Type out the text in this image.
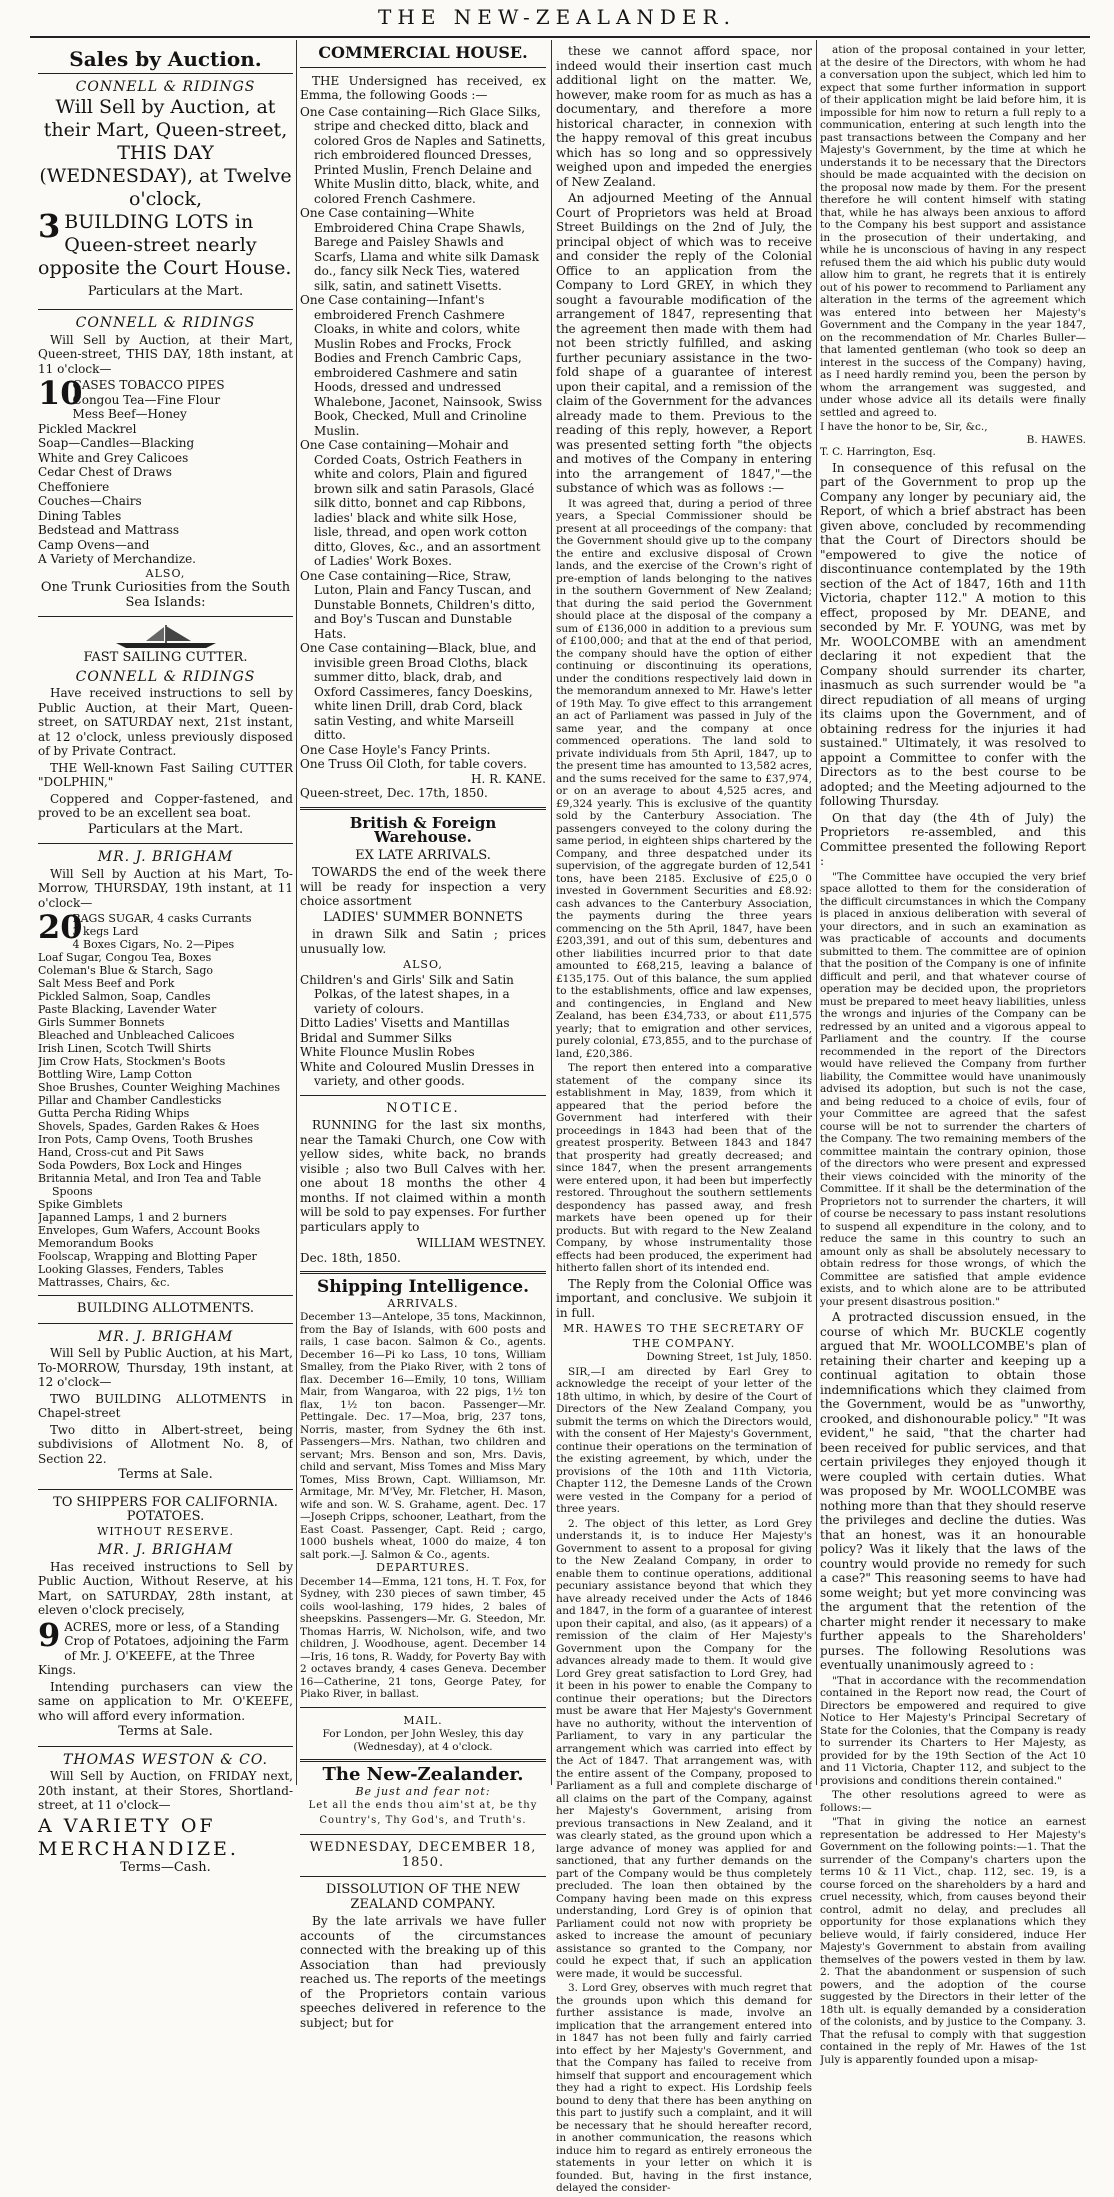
THE NEW-ZEALANDER.
Sales by Auction.
CONNELL & RIDINGS
Will Sell by Auction, at their Mart, Queen-street, THIS DAY (WEDNESDAY), at Twelve o'clock,
3 BUILDING LOTS in Queen-street nearly opposite the Court House.
Particulars at the Mart.
CONNELL & RIDINGS
Will Sell by Auction, at their Mart, Queen-street, THIS DAY, 18th instant, at 11 o'clock—
10
CASES TOBACCO PIPES
Congou Tea—Fine Flour
Mess Beef—Honey
Pickled Mackrel
Soap—Candles—Blacking
White and Grey Calicoes
Cedar Chest of Draws
Cheffoniere
Couches—Chairs
Dining Tables
Bedstead and Mattrass
Camp Ovens—and
A Variety of Merchandize.
ALSO,
One Trunk Curiosities from the South Sea Islands:
FAST SAILING CUTTER.
CONNELL & RIDINGS
Have received instructions to sell by Public Auction, at their Mart, Queen-street, on SATURDAY next, 21st instant, at 12 o'clock, unless previously disposed of by Private Contract.
THE Well-known Fast Sailing CUTTER "DOLPHIN,"
Coppered and Copper-fastened, and proved to be an excellent sea boat.
Particulars at the Mart.
MR. J. BRIGHAM
Will Sell by Auction at his Mart, To-Morrow, THURSDAY, 19th instant, at 11 o'clock—
20
BAGS SUGAR, 4 casks Currants
3 kegs Lard
4 Boxes Cigars, No. 2—Pipes
Loaf Sugar, Congou Tea, Boxes
Coleman's Blue & Starch, Sago
Salt Mess Beef and Pork
Pickled Salmon, Soap, Candles
Paste Blacking, Lavender Water
Girls Summer Bonnets
Bleached and Unbleached Calicoes
Irish Linen, Scotch Twill Shirts
Jim Crow Hats, Stockmen's Boots
Bottling Wire, Lamp Cotton
Shoe Brushes, Counter Weighing Machines
Pillar and Chamber Candlesticks
Gutta Percha Riding Whips
Shovels, Spades, Garden Rakes & Hoes
Iron Pots, Camp Ovens, Tooth Brushes
Hand, Cross-cut and Pit Saws
Soda Powders, Box Lock and Hinges
Britannia Metal, and Iron Tea and Table Spoons
Spike Gimblets
Japanned Lamps, 1 and 2 burners
Envelopes, Gum Wafers, Account Books
Memorandum Books
Foolscap, Wrapping and Blotting Paper
Looking Glasses, Fenders, Tables
Mattrasses, Chairs, &c.
BUILDING ALLOTMENTS.
MR. J. BRIGHAM
Will Sell by Public Auction, at his Mart, To-MORROW, Thursday, 19th instant, at 12 o'clock—
TWO BUILDING ALLOTMENTS in Chapel-street
Two ditto in Albert-street, being subdivisions of Allotment No. 8, of Section 22.
Terms at Sale.
TO SHIPPERS FOR CALIFORNIA. POTATOES.
WITHOUT RESERVE.
MR. J. BRIGHAM
Has received instructions to Sell by Public Auction, Without Reserve, at his Mart, on SATURDAY, 28th instant, at eleven o'clock precisely,
9 ACRES, more or less, of a Standing Crop of Potatoes, adjoining the Farm of Mr. J. O'KEEFE, at the Three Kings.
Intending purchasers can view the same on application to Mr. O'KEEFE, who will afford every information.
Terms at Sale.
THOMAS WESTON & CO.
Will Sell by Auction, on FRIDAY next, 20th instant, at their Stores, Shortland-street, at 11 o'clock—
A VARIETY OF MERCHANDIZE.
Terms—Cash.
COMMERCIAL HOUSE.
THE Undersigned has received, ex Emma, the following Goods :—
One Case containing—Rich Glace Silks, stripe and checked ditto, black and colored Gros de Naples and Satinetts, rich embroidered flounced Dresses, Printed Muslin, French Delaine and White Muslin ditto, black, white, and colored French Cashmere.
One Case containing—White Embroidered China Crape Shawls, Barege and Paisley Shawls and Scarfs, Llama and white silk Damask do., fancy silk Neck Ties, watered silk, satin, and satinett Visetts.
One Case containing—Infant's embroidered French Cashmere Cloaks, in white and colors, white Muslin Robes and Frocks, Frock Bodies and French Cambric Caps, embroidered Cashmere and satin Hoods, dressed and undressed Whalebone, Jaconet, Nainsook, Swiss Book, Checked, Mull and Crinoline Muslin.
One Case containing—Mohair and Corded Coats, Ostrich Feathers in white and colors, Plain and figured brown silk and satin Parasols, Glacé silk ditto, bonnet and cap Ribbons, ladies' black and white silk Hose, lisle, thread, and open work cotton ditto, Gloves, &c., and an assortment of Ladies' Work Boxes.
One Case containing—Rice, Straw, Luton, Plain and Fancy Tuscan, and Dunstable Bonnets, Children's ditto, and Boy's Tuscan and Dunstable Hats.
One Case containing—Black, blue, and invisible green Broad Cloths, black summer ditto, black, drab, and Oxford Cassimeres, fancy Doeskins, white linen Drill, drab Cord, black satin Vesting, and white Marseill ditto.
One Case Hoyle's Fancy Prints.
One Truss Oil Cloth, for table covers.
H. R. KANE.
Queen-street, Dec. 17th, 1850.
British & Foreign Warehouse.
EX LATE ARRIVALS.
TOWARDS the end of the week there will be ready for inspection a very choice assortment
LADIES' SUMMER BONNETS
in drawn Silk and Satin ; prices unusually low.
ALSO,
Children's and Girls' Silk and Satin Polkas, of the latest shapes, in a variety of colours.
Ditto Ladies' Visetts and Mantillas
Bridal and Summer Silks
White Flounce Muslin Robes
White and Coloured Muslin Dresses in variety, and other goods.
NOTICE.
RUNNING for the last six months, near the Tamaki Church, one Cow with yellow sides, white back, no brands visible ; also two Bull Calves with her. one about 18 months the other 4 months. If not claimed within a month will be sold to pay expenses. For further particulars apply to
WILLIAM WESTNEY.
Dec. 18th, 1850.
Shipping Intelligence.
ARRIVALS.
December 13—Antelope, 35 tons, Mackinnon, from the Bay of Islands, with 600 posts and rails, 1 case bacon. Salmon & Co., agents. December 16—Pi ko Lass, 10 tons, William Smalley, from the Piako River, with 2 tons of flax. December 16—Emily, 10 tons, William Mair, from Wangaroa, with 22 pigs, 1½ ton flax, 1½ ton bacon. Passenger—Mr. Pettingale. Dec. 17—Moa, brig, 237 tons, Norris, master, from Sydney the 6th inst. Passengers—Mrs. Nathan, two children and servant; Mrs. Benson and son, Mrs. Davis, child and servant, Miss Tomes and Miss Mary Tomes, Miss Brown, Capt. Williamson, Mr. Armitage, Mr. M'Vey, Mr. Fletcher, H. Mason, wife and son. W. S. Grahame, agent. Dec. 17—Joseph Cripps, schooner, Leathart, from the East Coast. Passenger, Capt. Reid ; cargo, 1000 bushels wheat, 1000 do maize, 4 ton salt pork.—J. Salmon & Co., agents.
DEPARTURES.
December 14—Emma, 121 tons, H. T. Fox, for Sydney, with 230 pieces of sawn timber, 45 coils wool-lashing, 179 hides, 2 bales of sheepskins. Passengers—Mr. G. Steedon, Mr. Thomas Harris, W. Nicholson, wife, and two children, J. Woodhouse, agent. December 14—Iris, 16 tons, R. Waddy, for Poverty Bay with 2 octaves brandy, 4 cases Geneva. December 16—Catherine, 21 tons, George Patey, for Piako River, in ballast.
MAIL.
For London, per John Wesley, this day (Wednesday), at 4 o'clock.
The New-Zealander.
Be just and fear not:
Let all the ends thou aim'st at, be thy Country's, Thy God's, and Truth's.
WEDNESDAY, DECEMBER 18, 1850.
DISSOLUTION OF THE NEW ZEALAND COMPANY.
By the late arrivals we have fuller accounts of the circumstances connected with the breaking up of this Association than had previously reached us. The reports of the meetings of the Proprietors contain various speeches delivered in reference to the subject; but for
these we cannot afford space, nor indeed would their insertion cast much additional light on the matter. We, however, make room for as much as has a documentary, and therefore a more historical character, in connexion with the happy removal of this great incubus which has so long and so oppressively weighed upon and impeded the energies of New Zealand.
An adjourned Meeting of the Annual Court of Proprietors was held at Broad Street Buildings on the 2nd of July, the principal object of which was to receive and consider the reply of the Colonial Office to an application from the Company to Lord GREY, in which they sought a favourable modification of the arrangement of 1847, representing that the agreement then made with them had not been strictly fulfilled, and asking further pecuniary assistance in the two-fold shape of a guarantee of interest upon their capital, and a remission of the claim of the Government for the advances already made to them. Previous to the reading of this reply, however, a Report was presented setting forth "the objects and motives of the Company in entering into the arrangement of 1847,"—the substance of which was as follows :—
It was agreed that, during a period of three years, a Special Commissioner should be present at all proceedings of the company: that the Government should give up to the company the entire and exclusive disposal of Crown lands, and the exercise of the Crown's right of pre-emption of lands belonging to the natives in the southern Government of New Zealand; that during the said period the Government should place at the disposal of the company a sum of £136,000 in addition to a previous sum of £100,000; and that at the end of that period, the company should have the option of either continuing or discontinuing its operations, under the conditions respectively laid down in the memorandum annexed to Mr. Hawe's letter of 19th May. To give effect to this arrangement an act of Parliament was passed in July of the same year, and the company at once commenced operations. The land sold to private individuals from 5th April, 1847, up to the present time has amounted to 13,582 acres, and the sums received for the same to £37,974, or on an average to about 4,525 acres, and £9,324 yearly. This is exclusive of the quantity sold by the Canterbury Association. The passengers conveyed to the colony during the same period, in eighteen ships chartered by the Company, and three despatched under its supervision, of the aggregate burden of 12,541 tons, have been 2185. Exclusive of £25,0 0 invested in Government Securities and £8.92: cash advances to the Canterbury Association, the payments during the three years commencing on the 5th April, 1847, have been £203,391, and out of this sum, debentures and other liabilities incurred prior to that date amounted to £68,215, leaving a balance of £135,175. Out of this balance, the sum applied to the establishments, office and law expenses, and contingencies, in England and New Zealand, has been £34,733, or about £11,575 yearly; that to emigration and other services, purely colonial, £73,855, and to the purchase of land, £20,386.
The report then entered into a comparative statement of the company since its establishment in May, 1839, from which it appeared that the period before the Government had interfered with their proceedings in 1843 had been that of the greatest prosperity. Between 1843 and 1847 that prosperity had greatly decreased; and since 1847, when the present arrangements were entered upon, it had been but imperfectly restored. Throughout the southern settlements despondency has passed away, and fresh markets have been opened up for their products. But with regard to the New Zealand Company, by whose instrumentality those effects had been produced, the experiment had hitherto fallen short of its intended end.
The Reply from the Colonial Office was important, and conclusive. We subjoin it in full.
MR. HAWES TO THE SECRETARY OF THE COMPANY.
Downing Street, 1st July, 1850.
SIR,—I am directed by Earl Grey to acknowledge the receipt of your letter of the 18th ultimo, in which, by desire of the Court of Directors of the New Zealand Company, you submit the terms on which the Directors would, with the consent of Her Majesty's Government, continue their operations on the termination of the existing agreement, by which, under the provisions of the 10th and 11th Victoria, Chapter 112, the Demesne Lands of the Crown were vested in the Company for a period of three years.
2. The object of this letter, as Lord Grey understands it, is to induce Her Majesty's Government to assent to a proposal for giving to the New Zealand Company, in order to enable them to continue operations, additional pecuniary assistance beyond that which they have already received under the Acts of 1846 and 1847, in the form of a guarantee of interest upon their capital, and also, (as it appears) of a remission of the claim of Her Majesty's Government upon the Company for the advances already made to them. It would give Lord Grey great satisfaction to Lord Grey, had it been in his power to enable the Company to continue their operations; but the Directors must be aware that Her Majesty's Government have no authority, without the intervention of Parliament, to vary in any particular the arrangement which was carried into effect by the Act of 1847. That arrangement was, with the entire assent of the Company, proposed to Parliament as a full and complete discharge of all claims on the part of the Company, against her Majesty's Government, arising from previous transactions in New Zealand, and it was clearly stated, as the ground upon which a large advance of money was applied for and sanctioned, that any further demands on the part of the Company would be thus completely precluded. The loan then obtained by the Company having been made on this express understanding, Lord Grey is of opinion that Parliament could not now with propriety be asked to increase the amount of pecuniary assistance so granted to the Company, nor could he expect that, if such an application were made, it would be successful.
3. Lord Grey, observes with much regret that the grounds upon which this demand for further assistance is made, involve an implication that the arrangement entered into in 1847 has not been fully and fairly carried into effect by her Majesty's Government, and that the Company has failed to receive from himself that support and encouragement which they had a right to expect. His Lordship feels bound to deny that there has been anything on this part to justify such a complaint, and it will be necessary that he should hereafter record, in another communication, the reasons which induce him to regard as entirely erroneous the statements in your letter on which it is founded. But, having in the first instance, delayed the consider-
ation of the proposal contained in your letter, at the desire of the Directors, with whom he had a conversation upon the subject, which led him to expect that some further information in support of their application might be laid before him, it is impossible for him now to return a full reply to a communication, entering at such length into the past transactions between the Company and her Majesty's Government, by the time at which he understands it to be necessary that the Directors should be made acquainted with the decision on the proposal now made by them. For the present therefore he will content himself with stating that, while he has always been anxious to afford to the Company his best support and assistance in the prosecution of their undertaking, and while he is unconscious of having in any respect refused them the aid which his public duty would allow him to grant, he regrets that it is entirely out of his power to recommend to Parliament any alteration in the terms of the agreement which was entered into between her Majesty's Government and the Company in the year 1847, on the recommendation of Mr. Charles Buller—that lamented gentleman (who took so deep an interest in the success of the Company) having, as I need hardly remind you, been the person by whom the arrangement was suggested, and under whose advice all its details were finally settled and agreed to.
I have the honor to be, Sir, &c.,
B. HAWES.
T. C. Harrington, Esq.
In consequence of this refusal on the part of the Government to prop up the Company any longer by pecuniary aid, the Report, of which a brief abstract has been given above, concluded by recommending that the Court of Directors should be "empowered to give the notice of discontinuance contemplated by the 19th section of the Act of 1847, 16th and 11th Victoria, chapter 112." A motion to this effect, proposed by Mr. DEANE, and seconded by Mr. F. YOUNG, was met by Mr. WOOLCOMBE with an amendment declaring it not expedient that the Company should surrender its charter, inasmuch as such surrender would be "a direct repudiation of all means of urging its claims upon the Government, and of obtaining redress for the injuries it had sustained." Ultimately, it was resolved to appoint a Committee to confer with the Directors as to the best course to be adopted; and the Meeting adjourned to the following Thursday.
On that day (the 4th of July) the Proprietors re-assembled, and this Committee presented the following Report :
"The Committee have occupied the very brief space allotted to them for the consideration of the difficult circumstances in which the Company is placed in anxious deliberation with several of your directors, and in such an examination as was practicable of accounts and documents submitted to them. The committee are of opinion that the position of the Company is one of infinite difficult and peril, and that whatever course of operation may be decided upon, the proprietors must be prepared to meet heavy liabilities, unless the wrongs and injuries of the Company can be redressed by an united and a vigorous appeal to Parliament and the country. If the course recommended in the report of the Directors would have relieved the Company from further liability, the Committee would have unanimously advised its adoption, but such is not the case, and being reduced to a choice of evils, four of your Committee are agreed that the safest course will be not to surrender the charters of the Company. The two remaining members of the committee maintain the contrary opinion, those of the directors who were present and expressed their views coincided with the minority of the Committee. If it shall be the determination of the Proprietors not to surrender the charters, it will of course be necessary to pass instant resolutions to suspend all expenditure in the colony, and to reduce the same in this country to such an amount only as shall be absolutely necessary to obtain redress for those wrongs, of which the Committee are satisfied that ample evidence exists, and to which alone are to be attributed your present disastrous position."
A protracted discussion ensued, in the course of which Mr. BUCKLE cogently argued that Mr. WOOLLCOMBE's plan of retaining their charter and keeping up a continual agitation to obtain those indemnifications which they claimed from the Government, would be as "unworthy, crooked, and dishonourable policy." "It was evident," he said, "that the charter had been received for public services, and that certain privileges they enjoyed though it were coupled with certain duties. What was proposed by Mr. WOOLLCOMBE was nothing more than that they should reserve the privileges and decline the duties. Was that an honest, was it an honourable policy? Was it likely that the laws of the country would provide no remedy for such a case?" This reasoning seems to have had some weight; but yet more convincing was the argument that the retention of the charter might render it necessary to make further appeals to the Shareholders' purses. The following Resolutions was eventually unanimously agreed to :
"That in accordance with the recommendation contained in the Report now read, the Court of Directors be empowered and required to give Notice to Her Majesty's Principal Secretary of State for the Colonies, that the Company is ready to surrender its Charters to Her Majesty, as provided for by the 19th Section of the Act 10 and 11 Victoria, Chapter 112, and subject to the provisions and conditions therein contained."
The other resolutions agreed to were as follows:—
"That in giving the notice an earnest representation be addressed to Her Majesty's Government on the following points:—1. That the surrender of the Company's charters upon the terms 10 & 11 Vict., chap. 112, sec. 19, is a course forced on the shareholders by a hard and cruel necessity, which, from causes beyond their control, admit no delay, and precludes all opportunity for those explanations which they believe would, if fairly considered, induce Her Majesty's Government to abstain from availing themselves of the powers vested in them by law. 2. That the abandonment or suspension of such powers, and the adoption of the course suggested by the Directors in their letter of the 18th ult. is equally demanded by a consideration of the colonists, and by justice to the Company. 3. That the refusal to comply with that suggestion contained in the reply of Mr. Hawes of the 1st July is apparently founded upon a misap-
